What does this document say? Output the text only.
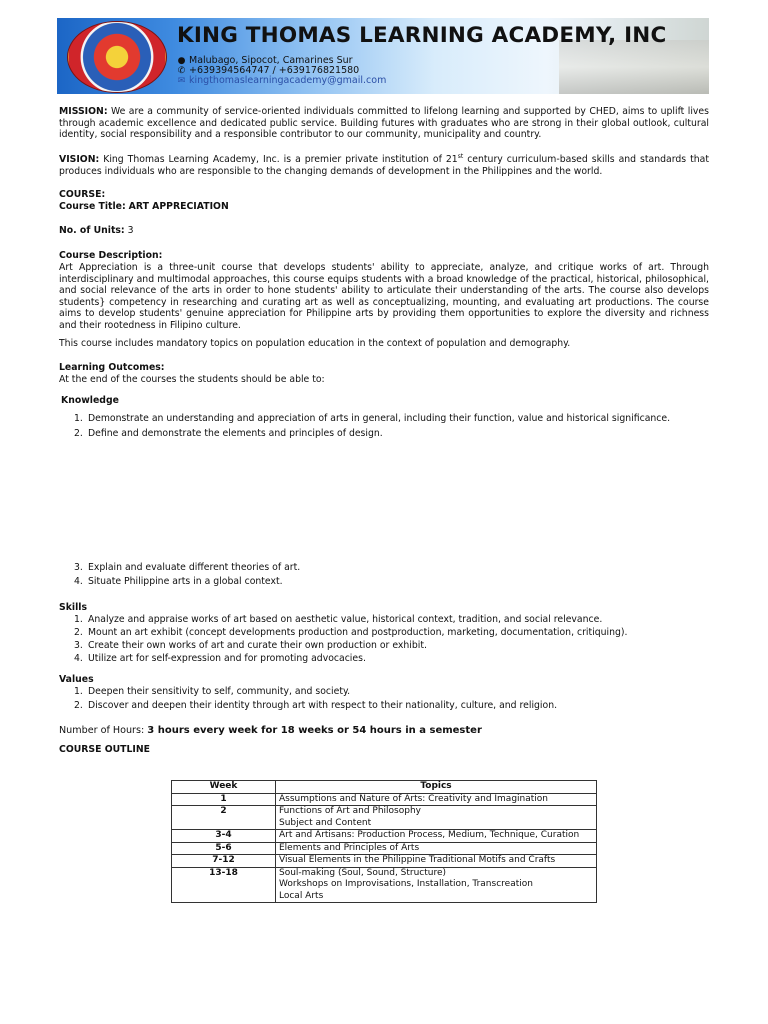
KING THOMAS LEARNING ACADEMY, INC
● Malubago, Sipocot, Camarines Sur
✆ +639394564747 / +639176821580
✉ kingthomaslearningacademy@gmail.com
MISSION: We are a community of service-oriented individuals committed to lifelong learning and supported by CHED, aims to uplift lives through academic excellence and dedicated public service. Building futures with graduates who are strong in their global outlook, cultural identity, social responsibility and a responsible contributor to our community, municipality and country.
VISION: King Thomas Learning Academy, Inc. is a premier private institution of 21st century curriculum-based skills and standards that produces individuals who are responsible to the changing demands of development in the Philippines and the world.
COURSE:
Course Title: ART APPRECIATION
No. of Units: 3
Course Description:
Art Appreciation is a three-unit course that develops students' ability to appreciate, analyze, and critique works of art. Through interdisciplinary and multimodal approaches, this course equips students with a broad knowledge of the practical, historical, philosophical, and social relevance of the arts in order to hone students' ability to articulate their understanding of the arts. The course also develops students} competency in researching and curating art as well as conceptualizing, mounting, and evaluating art productions. The course aims to develop students' genuine appreciation for Philippine arts by providing them opportunities to explore the diversity and richness and their rootedness in Filipino culture.
This course includes mandatory topics on population education in the context of population and demography.
Learning Outcomes:
At the end of the courses the students should be able to:
Knowledge
1. Demonstrate an understanding and appreciation of arts in general, including their function, value and historical significance.
2. Define and demonstrate the elements and principles of design.
3. Explain and evaluate different theories of art.
4. Situate Philippine arts in a global context.
Skills
1. Analyze and appraise works of art based on aesthetic value, historical context, tradition, and social relevance.
2. Mount an art exhibit (concept developments production and postproduction, marketing, documentation, critiquing).
3. Create their own works of art and curate their own production or exhibit.
4. Utilize art for self-expression and for promoting advocacies.
Values
1. Deepen their sensitivity to self, community, and society.
2. Discover and deepen their identity through art with respect to their nationality, culture, and religion.
Number of Hours: 3 hours every week for 18 weeks or 54 hours in a semester
COURSE OUTLINE
Week	Topics
1	Assumptions and Nature of Arts: Creativity and Imagination

2	Functions of Art and Philosophy
Subject and Content

3-4	Art and Artisans: Production Process, Medium, Technique, Curation

5-6	Elements and Principles of Arts

7-12	Visual Elements in the Philippine Traditional Motifs and Crafts

13-18	Soul-making (Soul, Sound, Structure)
Workshops on Improvisations, Installation, Transcreation
Local Arts
